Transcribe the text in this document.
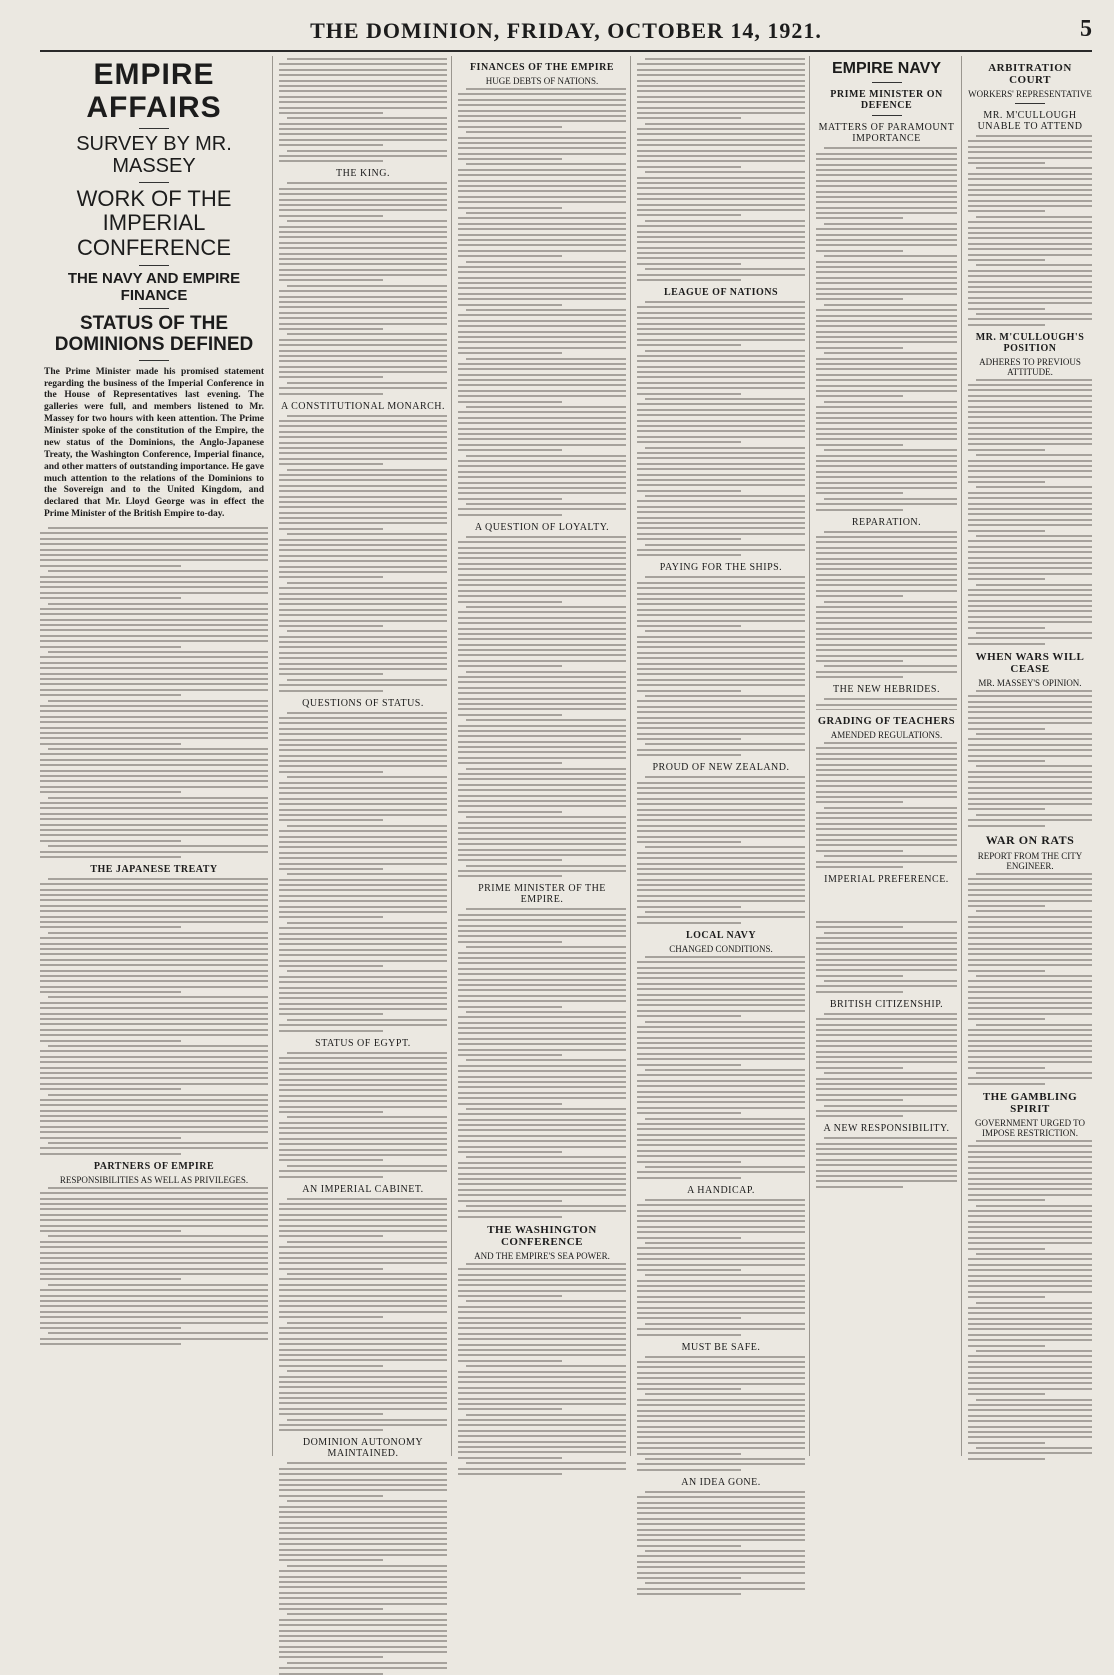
THE DOMINION, FRIDAY, OCTOBER 14, 1921.	5
EMPIRE AFFAIRS
SURVEY BY MR. MASSEY
WORK OF THE IMPERIAL CONFERENCE
THE NAVY AND EMPIRE FINANCE
STATUS OF THE DOMINIONS DEFINED
The Prime Minister made his promised statement regarding the business of the Imperial Conference in the House of Representatives last evening. The galleries were full, and members listened to Mr. Massey for two hours with keen attention. The Prime Minister spoke of the constitution of the Empire, the new status of the Dominions, the Anglo-Japanese Treaty, the Washington Conference, Imperial finance, and other matters of outstanding importance. He gave much attention to the relations of the Dominions to the Sovereign and to the United Kingdom, and declared that Mr. Lloyd George was in effect the Prime Minister of the British Empire to-day.
THE JAPANESE TREATY
PARTNERS OF EMPIRE
RESPONSIBILITIES AS WELL AS PRIVILEGES.
THE KING.
A CONSTITUTIONAL MONARCH.
QUESTIONS OF STATUS.
STATUS OF EGYPT.
AN IMPERIAL CABINET.
DOMINION AUTONOMY MAINTAINED.
FINANCES OF THE EMPIRE
HUGE DEBTS OF NATIONS.
A QUESTION OF LOYALTY.
PRIME MINISTER OF THE EMPIRE.
THE WASHINGTON CONFERENCE
AND THE EMPIRE'S SEA POWER.
LEAGUE OF NATIONS
PAYING FOR THE SHIPS.
PROUD OF NEW ZEALAND.
LOCAL NAVY
CHANGED CONDITIONS.
A HANDICAP.
MUST BE SAFE.
AN IDEA GONE.
EMPIRE NAVY
PRIME MINISTER ON DEFENCE
MATTERS OF PARAMOUNT IMPORTANCE
REPARATION.
THE NEW HEBRIDES.
BRITISH CITIZENSHIP.
A NEW RESPONSIBILITY.
ARBITRATION COURT
WORKERS' REPRESENTATIVE
MR. M'CULLOUGH UNABLE TO ATTEND
MR. M'CULLOUGH'S POSITION
ADHERES TO PREVIOUS ATTITUDE.
WHEN WARS WILL CEASE
MR. MASSEY'S OPINION.
WAR ON RATS
REPORT FROM THE CITY ENGINEER.
THE GAMBLING SPIRIT
GOVERNMENT URGED TO IMPOSE RESTRICTION.
GRADING OF TEACHERS
AMENDED REGULATIONS.
IMPERIAL PREFERENCE.
